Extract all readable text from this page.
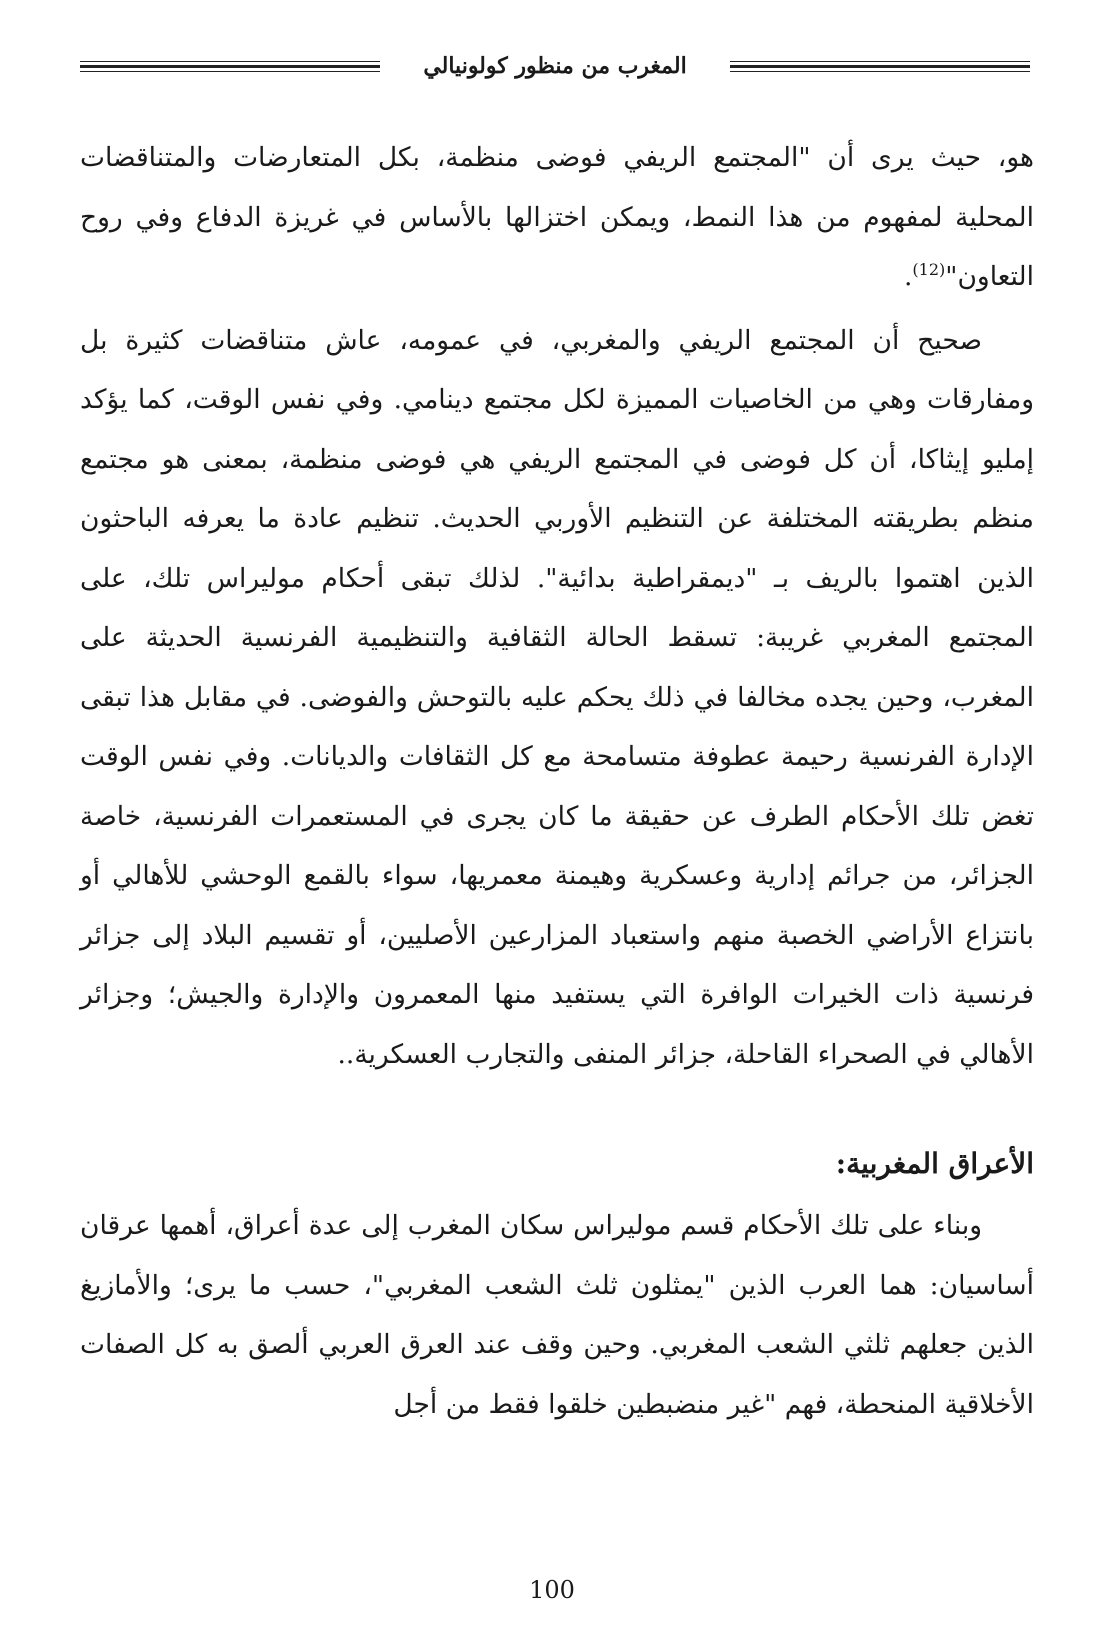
المغرب من منظور كولونيالي

هو، حيث يرى أن "المجتمع الريفي فوضى منظمة، بكل المتعارضات والمتناقضات المحلية لمفهوم من هذا النمط، ويمكن اختزالها بالأساس في غريزة الدفاع وفي روح التعاون"$^{(12)}$.

صحيح أن المجتمع الريفي والمغربي، في عمومه، عاش متناقضات كثيرة بل ومفارقات وهي من الخاصيات المميزة لكل مجتمع دينامي. وفي نفس الوقت، كما يؤكد إمليو إيثاكا، أن كل فوضى في المجتمع الريفي هي فوضى منظمة، بمعنى هو مجتمع منظم بطريقته المختلفة عن التنظيم الأوربي الحديث. تنظيم عادة ما يعرفه الباحثون الذين اهتموا بالريف بـ "ديمقراطية بدائية". لذلك تبقى أحكام موليراس تلك، على المجتمع المغربي غريبة: تسقط الحالة الثقافية والتنظيمية الفرنسية الحديثة على المغرب، وحين يجده مخالفا في ذلك يحكم عليه بالتوحش والفوضى. في مقابل هذا تبقى الإدارة الفرنسية رحيمة عطوفة متسامحة مع كل الثقافات والديانات. وفي نفس الوقت تغض تلك الأحكام الطرف عن حقيقة ما كان يجرى في المستعمرات الفرنسية، خاصة الجزائر، من جرائم إدارية وعسكرية وهيمنة معمريها، سواء بالقمع الوحشي للأهالي أو بانتزاع الأراضي الخصبة منهم واستعباد المزارعين الأصليين، أو تقسيم البلاد إلى جزائر فرنسية ذات الخيرات الوافرة التي يستفيد منها المعمرون والإدارة والجيش؛ وجزائر الأهالي في الصحراء القاحلة، جزائر المنفى والتجارب العسكرية..

الأعراق المغربية:

وبناء على تلك الأحكام قسم موليراس سكان المغرب إلى عدة أعراق، أهمها عرقان أساسيان: هما العرب الذين "يمثلون ثلث الشعب المغربي"، حسب ما يرى؛ والأمازيغ الذين جعلهم ثلثي الشعب المغربي. وحين وقف عند العرق العربي ألصق به كل الصفات الأخلاقية المنحطة، فهم "غير منضبطين خلقوا فقط من أجل

100
